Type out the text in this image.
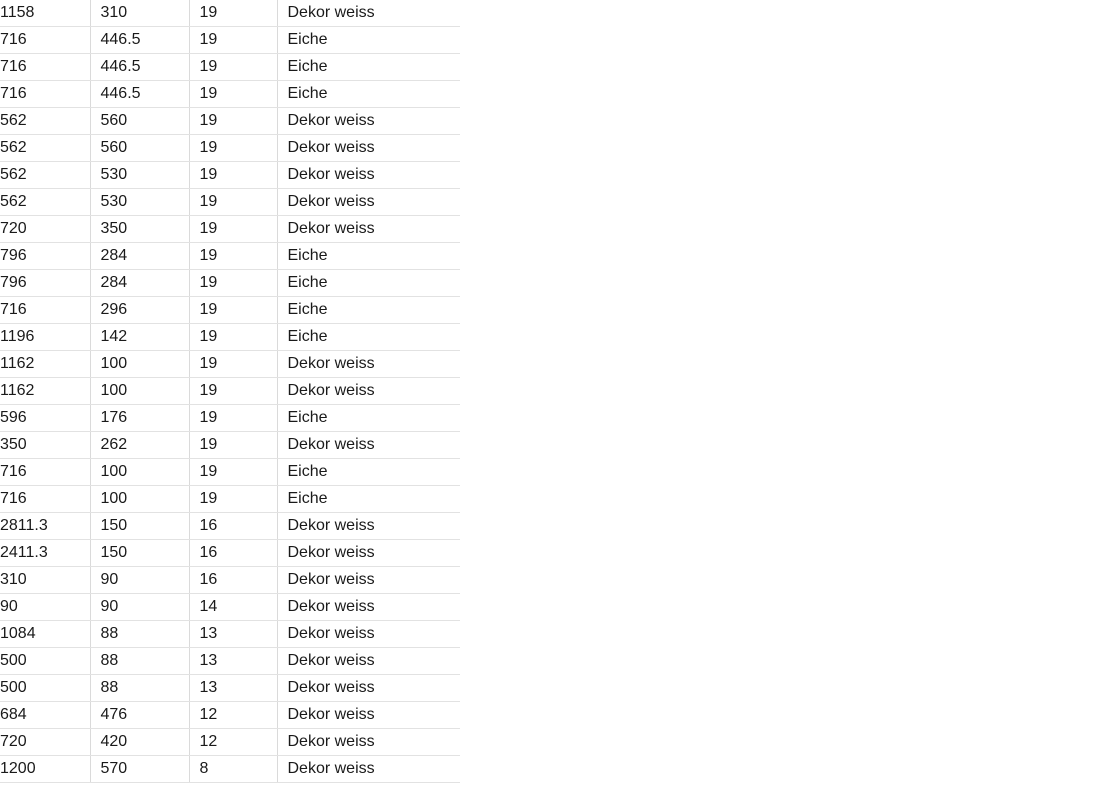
1158	310	19	Dekor weiss
716	446.5	19	Eiche
716	446.5	19	Eiche
716	446.5	19	Eiche
562	560	19	Dekor weiss
562	560	19	Dekor weiss
562	530	19	Dekor weiss
562	530	19	Dekor weiss
720	350	19	Dekor weiss
796	284	19	Eiche
796	284	19	Eiche
716	296	19	Eiche
1196	142	19	Eiche
1162	100	19	Dekor weiss
1162	100	19	Dekor weiss
596	176	19	Eiche
350	262	19	Dekor weiss
716	100	19	Eiche
716	100	19	Eiche
2811.3	150	16	Dekor weiss
2411.3	150	16	Dekor weiss
310	90	16	Dekor weiss
90	90	14	Dekor weiss
1084	88	13	Dekor weiss
500	88	13	Dekor weiss
500	88	13	Dekor weiss
684	476	12	Dekor weiss
720	420	12	Dekor weiss
1200	570	8	Dekor weiss
